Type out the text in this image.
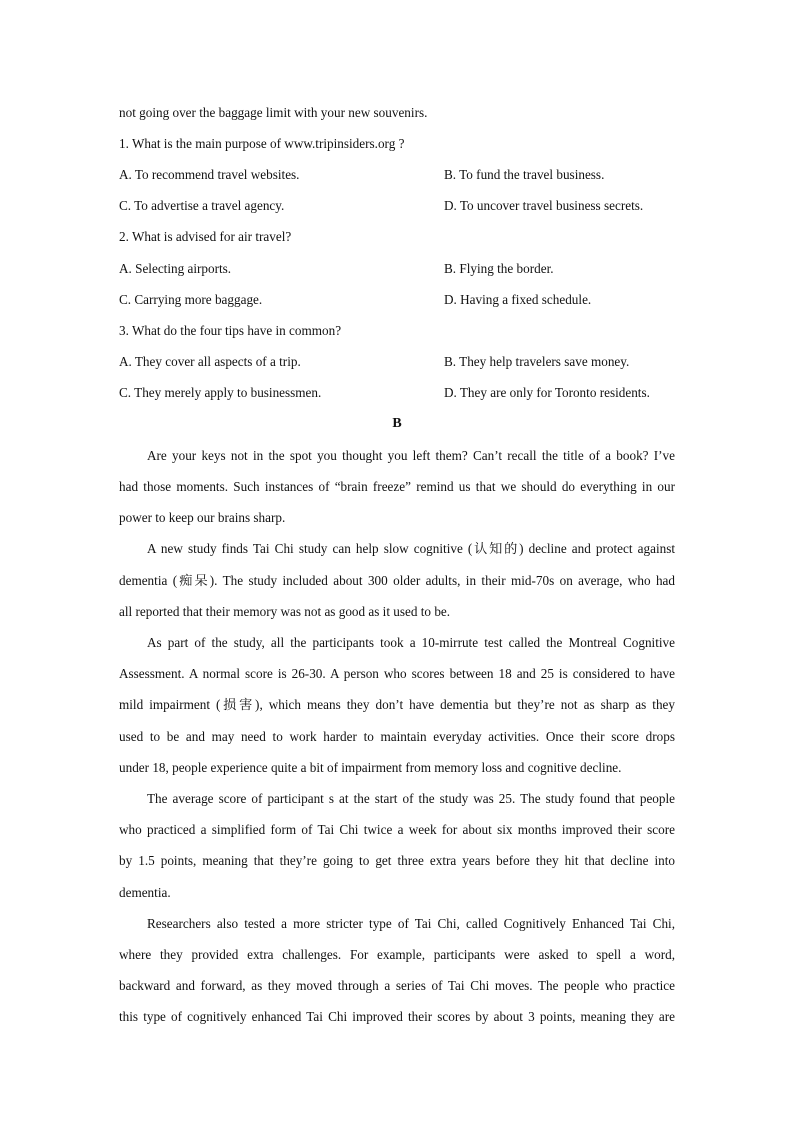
not going over the baggage limit with your new souvenirs.
1. What is the main purpose of www.tripinsiders.org ?
A. To recommend travel websites.	B. To fund the travel business.
C. To advertise a travel agency.	D. To uncover travel business secrets.
2. What is advised for air travel?
A. Selecting airports.	B. Flying the border.
C. Carrying more baggage.	D. Having a fixed schedule.
3. What do the four tips have in common?
A. They cover all aspects of a trip.	B. They help travelers save money.
C. They merely apply to businessmen.	D. They are only for Toronto residents.
B
Are your keys not in the spot you thought you left them? Can’t recall the title of a book? I’ve
had those moments. Such instances of “brain freeze” remind us that we should do everything in our
power to keep our brains sharp.
A new study finds Tai Chi study can help slow cognitive (认知的) decline and protect against
dementia (痴呆). The study included about 300 older adults, in their mid-70s on average, who had
all reported that their memory was not as good as it used to be.
As part of the study, all the participants took a 10-mirrute test called the Montreal Cognitive
Assessment. A normal score is 26-30. A person who scores between 18 and 25 is considered to have
mild impairment (损害), which means they don’t have dementia but they’re not as sharp as they
used to be and may need to work harder to maintain everyday activities. Once their score drops
under 18, people experience quite a bit of impairment from memory loss and cognitive decline.
The average score of participant s at the start of the study was 25. The study found that people
who practiced a simplified form of Tai Chi twice a week for about six months improved their score
by 1.5 points, meaning that they’re going to get three extra years before they hit that decline into
dementia.
Researchers also tested a more stricter type of Tai Chi, called Cognitively Enhanced Tai Chi,
where they provided extra challenges. For example, participants were asked to spell a word,
backward and forward, as they moved through a series of Tai Chi moves. The people who practice
this type of cognitively enhanced Tai Chi improved their scores by about 3 points, meaning they are
